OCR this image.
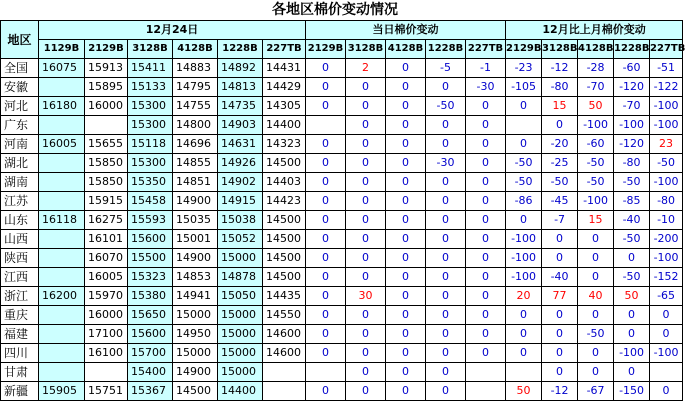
各地区棉价变动情况
地区	12月24日						当日棉价变动					12月比上月棉价变动				
	1129B	2129B	3128B	4128B	1228B	227TB	2129B	3128B	4128B	1228B	227TB	2129B	3128B	4128B	1228B	227TB
全国	16075	15913	15411	14883	14892	14431	0	2	0	-5	-1	-23	-12	-28	-60	-51
安徽		15895	15133	14795	14813	14429	0	0	0	0	-30	-105	-80	-70	-120	-122
河北	16180	16000	15300	14755	14735	14305	0	0	0	-50	0	0	15	50	-70	-100
广东			15300	14800	14903	14400		0	0	0	0		0	-100	-100	-100
河南	16005	15655	15118	14696	14631	14323	0	0	0	0	0	0	-20	-60	-120	23
湖北		15850	15300	14855	14926	14500	0	0	0	-30	0	-50	-25	-50	-80	-50
湖南		15850	15350	14851	14902	14403	0	0	0	0	0	-50	-50	-50	-50	-100
江苏		15915	15458	14900	14915	14423	0	0	0	0	0	-86	-45	-100	-85	-80
山东	16118	16275	15593	15035	15038	14500	0	0	0	0	0	0	-7	15	-40	-10
山西		16101	15600	15001	15052	14500	0	0	0	0	0	-100	0	0	-50	-200
陕西		16070	15500	14900	15000	14500	0	0	0	0	0	-100	0	0	0	-100
江西		16005	15323	14853	14878	14500	0	0	0	0	0	-100	-40	0	-50	-152
浙江	16200	15970	15380	14941	15050	14435	0	30	0	0	0	20	77	40	50	-65
重庆		16000	15650	15000	15000	14550	0	0	0	0	0	0	0	0	0	0
福建		17100	15600	14950	15000	14600	0	0	0	0	0	0	0	-50	0	0
四川		16100	15700	15000	15000	14600	0	0	0	0	0	0	0	0	-100	-100
甘肃			15400	14900	15000			0	0	0			0	0	0	
新疆	15905	15751	15367	14500	14400		0	0	0	0		50	-12	-67	-150	0
